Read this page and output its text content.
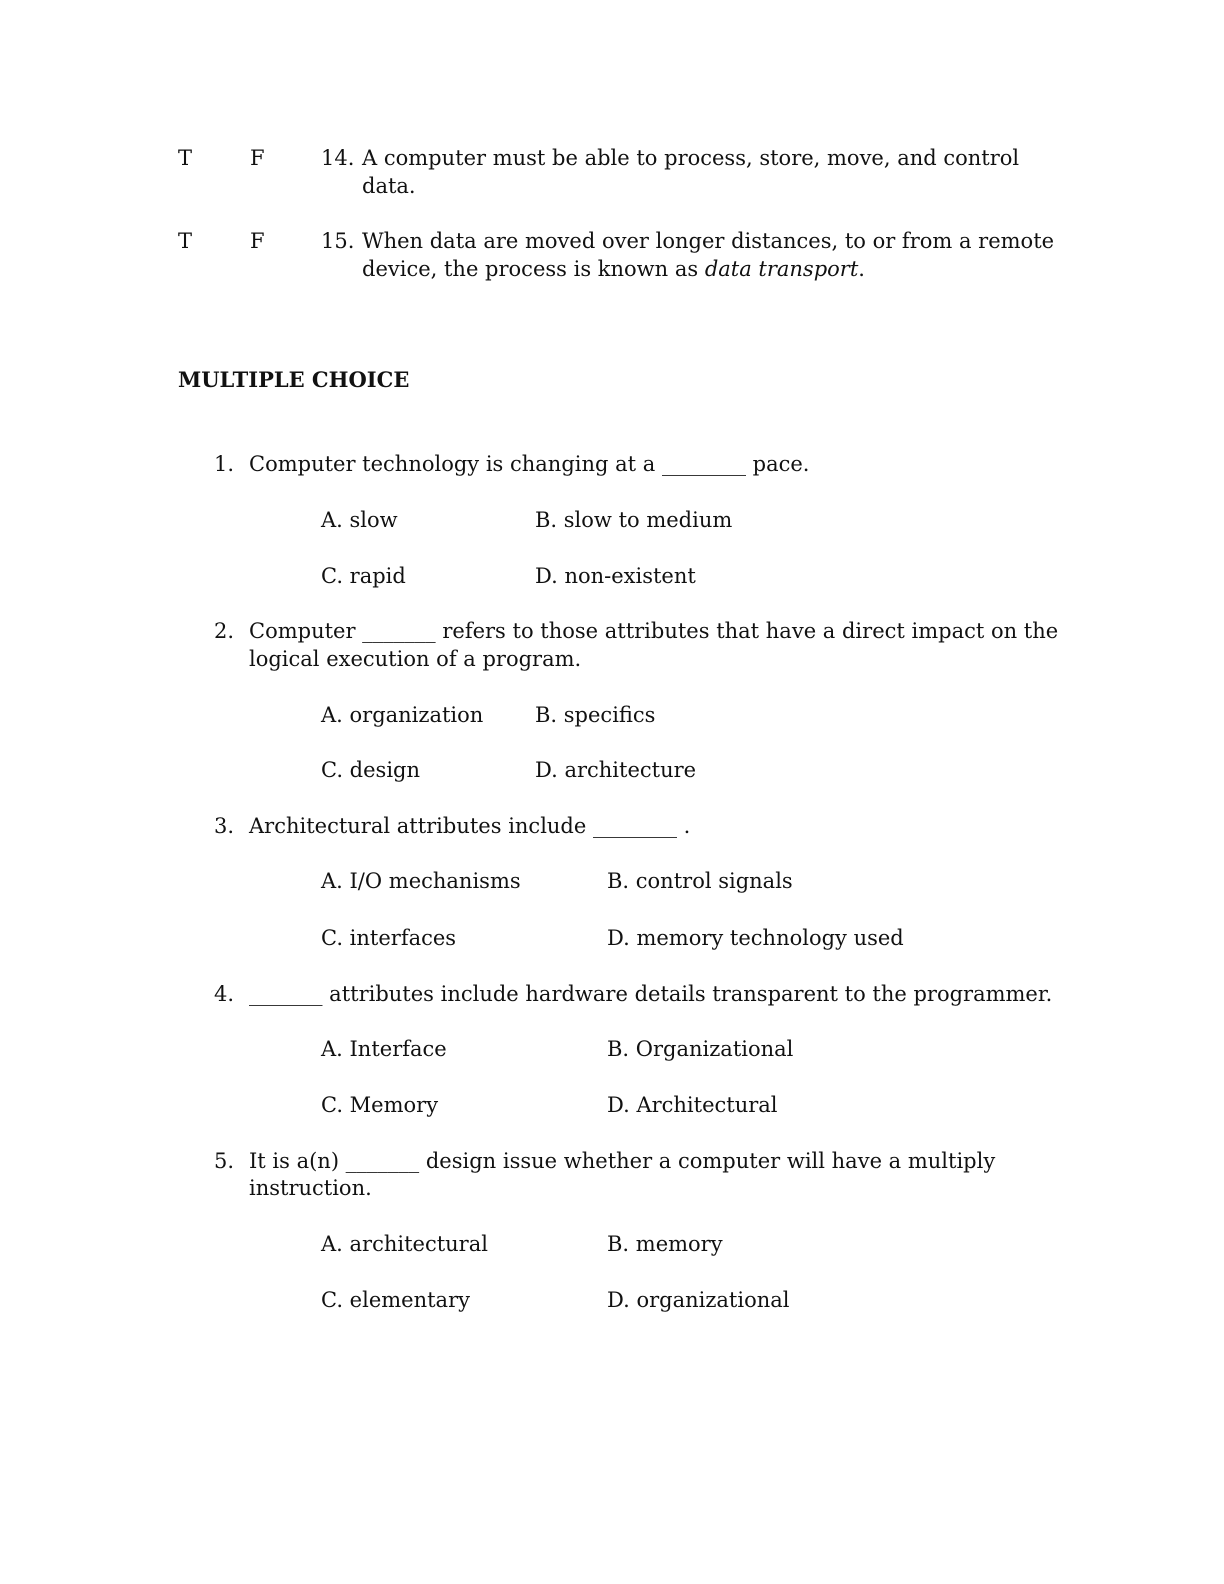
T	F	14. A computer must be able to process, store, move, and control
data.
T	F	15. When data are moved over longer distances, to or from a remote
device, the process is known as data transport.
MULTIPLE CHOICE
1. Computer technology is changing at a ________ pace.
A. slow	B. slow to medium
C. rapid	D. non-existent
2. Computer _______ refers to those attributes that have a direct impact on the
logical execution of a program.
A. organization B. specifics
C. design	D. architecture
3. Architectural attributes include ________ .
A. I/O mechanisms	B. control signals
C. interfaces	D. memory technology used
4. _______ attributes include hardware details transparent to the programmer.
A. Interface	B. Organizational
C. Memory	D. Architectural
5. It is a(n) _______ design issue whether a computer will have a multiply
instruction.
A. architectural	B. memory
C. elementary	D. organizational
